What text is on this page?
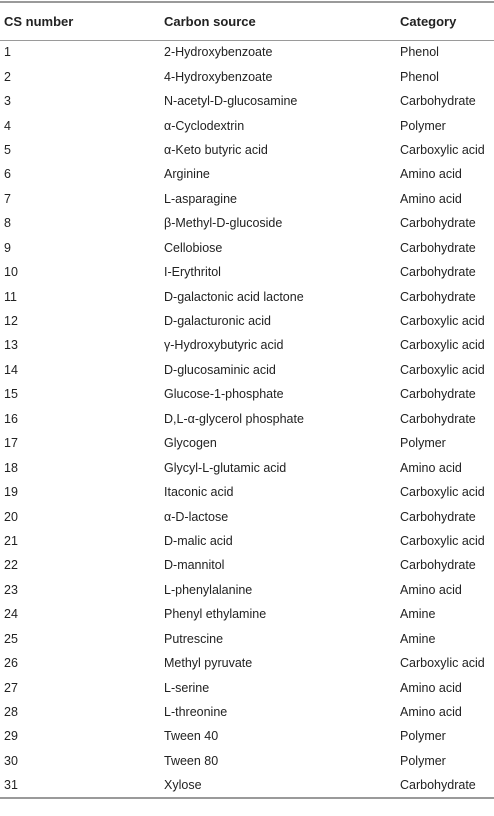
CS number	Carbon source	Category
1	2-Hydroxybenzoate	Phenol
2	4-Hydroxybenzoate	Phenol
3	N-acetyl-D-glucosamine	Carbohydrate
4	α-Cyclodextrin	Polymer
5	α-Keto butyric acid	Carboxylic acid
6	Arginine	Amino acid
7	L-asparagine	Amino acid
8	β-Methyl-D-glucoside	Carbohydrate
9	Cellobiose	Carbohydrate
10	I-Erythritol	Carbohydrate
11	D-galactonic acid lactone	Carbohydrate
12	D-galacturonic acid	Carboxylic acid
13	γ-Hydroxybutyric acid	Carboxylic acid
14	D-glucosaminic acid	Carboxylic acid
15	Glucose-1-phosphate	Carbohydrate
16	D,L-α-glycerol phosphate	Carbohydrate
17	Glycogen	Polymer
18	Glycyl-L-glutamic acid	Amino acid
19	Itaconic acid	Carboxylic acid
20	α-D-lactose	Carbohydrate
21	D-malic acid	Carboxylic acid
22	D-mannitol	Carbohydrate
23	L-phenylalanine	Amino acid
24	Phenyl ethylamine	Amine
25	Putrescine	Amine
26	Methyl pyruvate	Carboxylic acid
27	L-serine	Amino acid
28	L-threonine	Amino acid
29	Tween 40	Polymer
30	Tween 80	Polymer
31	Xylose	Carbohydrate
